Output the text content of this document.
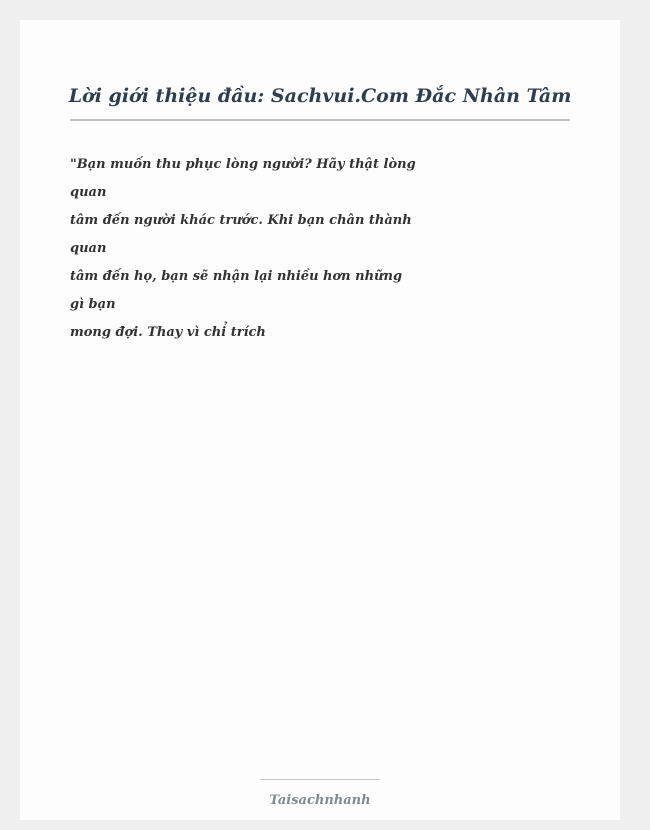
Lời giới thiệu đầu: Sachvui.Com Đắc Nhân Tâm
"Bạn muốn thu phục lòng người? Hãy thật lòng
quan
tâm đến người khác trước. Khi bạn chân thành
quan
tâm đến họ, bạn sẽ nhận lại nhiều hơn những
gì bạn
mong đợi. Thay vì chỉ trích
Taisachnhanh
